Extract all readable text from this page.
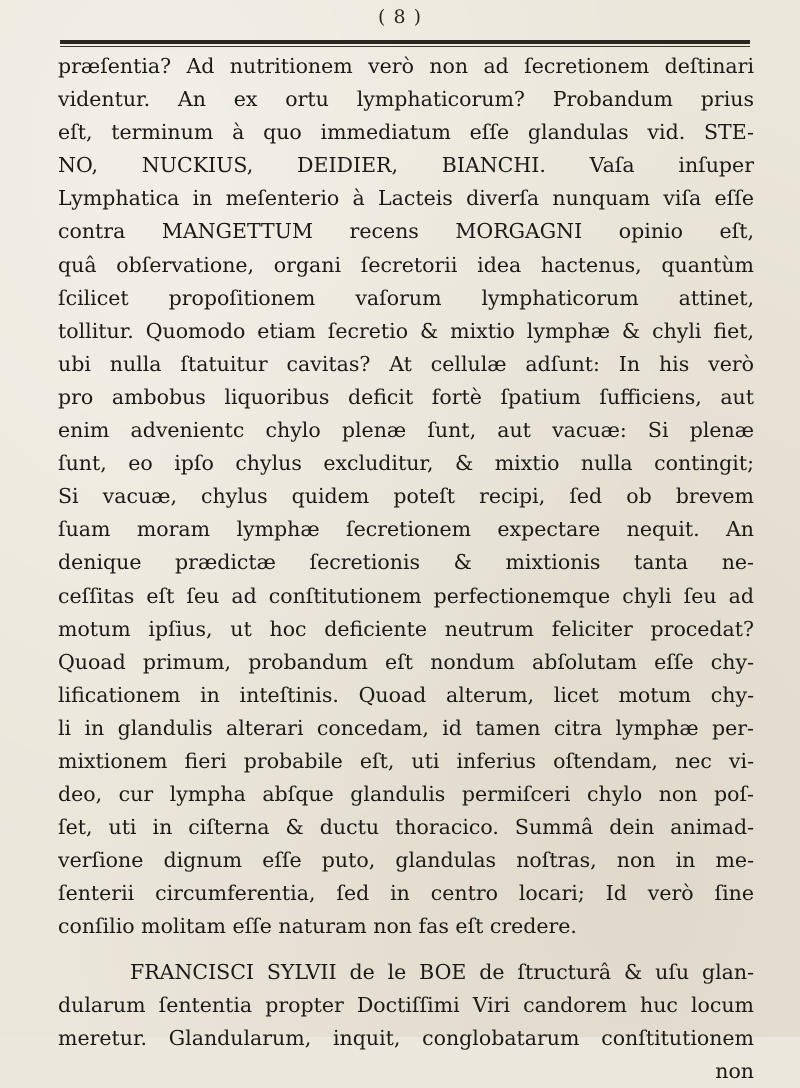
( 8 )
præſentia? Ad nutritionem verò non ad ſecretionem deſtinari
videntur. An ex ortu lymphaticorum? Probandum prius
eſt, terminum à quo immediatum eſſe glandulas vid. STE-
NO, NUCKIUS, DEIDIER, BIANCHI. Vaſa inſuper
Lymphatica in meſenterio à Lacteis diverſa nunquam viſa eſſe
contra MANGETTUM recens MORGAGNI opinio eſt,
quâ obſervatione, organi ſecretorii idea hactenus, quantùm
ſcilicet propoſitionem vaſorum lymphaticorum attinet,
tollitur. Quomodo etiam ſecretio & mixtio lymphæ & chyli fiet,
ubi nulla ſtatuitur cavitas? At cellulæ adſunt: In his verò
pro ambobus liquoribus deficit fortè ſpatium ſufficiens, aut
enim advenientc chylo plenæ ſunt, aut vacuæ: Si plenæ
ſunt, eo ipſo chylus excluditur, & mixtio nulla contingit;
Si vacuæ, chylus quidem poteſt recipi, ſed ob brevem
ſuam moram lymphæ ſecretionem expectare nequit. An
denique prædictæ ſecretionis & mixtionis tanta ne-
ceſſitas eſt ſeu ad conſtitutionem perfectionemque chyli ſeu ad
motum ipſius, ut hoc deficiente neutrum feliciter procedat?
Quoad primum, probandum eſt nondum abſolutam eſſe chy-
lificationem in inteſtinis. Quoad alterum, licet motum chy-
li in glandulis alterari concedam, id tamen citra lymphæ per-
mixtionem fieri probabile eſt, uti inferius oſtendam, nec vi-
deo, cur lympha abſque glandulis permiſceri chylo non poſ-
ſet, uti in ciſterna & ductu thoracico. Summâ dein animad-
verſione dignum eſſe puto, glandulas noſtras, non in me-
ſenterii circumferentia, ſed in centro locari; Id verò ſine
conſilio molitam eſſe naturam non fas eſt credere.
FRANCISCI SYLVII de le BOE de ſtructurâ & uſu glan-
dularum ſententia propter Doctiſſimi Viri candorem huc locum
meretur. Glandularum, inquit, conglobatarum conſtitutionem
non
